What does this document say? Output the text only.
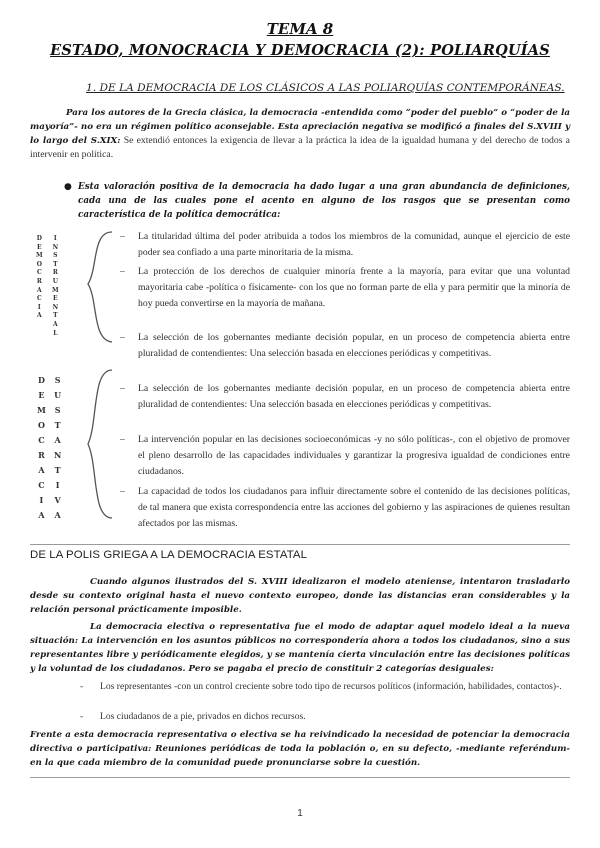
TEMA 8
ESTADO, MONOCRACIA Y DEMOCRACIA (2): POLIARQUÍAS
1. DE LA DEMOCRACIA DE LOS CLÁSICOS A LAS POLIARQUÍAS CONTEMPORÁNEAS.
Para los autores de la Grecia clásica, la democracia -entendida como “poder del pueblo” o “poder de la mayoría”- no era un régimen político aconsejable. Esta apreciación negativa se modificó a finales del S.XVIII y lo largo del S.XIX: Se extendió entonces la exigencia de llevar a la práctica la idea de la igualdad humana y del derecho de todos a intervenir en política.
● Esta valoración positiva de la democracia ha dado lugar a una gran abundancia de definiciones, cada una de las cuales pone el acento en alguno de los rasgos que se presentan como característica de la política democrática:
D
E
M
O
C
R
A
C
I
A
I
N
S
T
R
U
M
E
N
T
A
L
D
E
M
O
C
R
A
C
I
A
S
U
S
T
A
N
T
I
V
A
– La titularidad última del poder atribuida a todos los miembros de la comunidad, aunque el ejercicio de este poder sea confiado a una parte minoritaria de la misma.
– La protección de los derechos de cualquier minoría frente a la mayoría, para evitar que una voluntad mayoritaria cabe -política o físicamente- con los que no forman parte de ella y para permitir que la minoría de hoy pueda convertirse en la mayoría de mañana.
– La selección de los gobernantes mediante decisión popular, en un proceso de competencia abierta entre pluralidad de contendientes: Una selección basada en elecciones periódicas y competitivas.
– La selección de los gobernantes mediante decisión popular, en un proceso de competencia abierta entre pluralidad de contendientes: Una selección basada en elecciones periódicas y competitivas.
– La intervención popular en las decisiones socioeconómicas -y no sólo políticas-, con el objetivo de promover el pleno desarrollo de las capacidades individuales y garantizar la progresiva igualdad de condiciones entre ciudadanos.
– La capacidad de todos los ciudadanos para influir directamente sobre el contenido de las decisiones políticas, de tal manera que exista correspondencia entre las acciones del gobierno y las aspiraciones de quienes resultan afectados por las mismas.
DE LA POLIS GRIEGA A LA DEMOCRACIA ESTATAL
Cuando algunos ilustrados del S. XVIII idealizaron el modelo ateniense, intentaron trasladarlo desde su contexto original hasta el nuevo contexto europeo, donde las distancias eran considerables y la relación personal prácticamente imposible.
La democracia electiva o representativa fue el modo de adaptar aquel modelo ideal a la nueva situación: La intervención en los asuntos públicos no correspondería ahora a todos los ciudadanos, sino a sus representantes libre y periódicamente elegidos, y se mantenía cierta vinculación entre las decisiones políticas y la voluntad de los ciudadanos. Pero se pagaba el precio de constituir 2 categorías desiguales:
- Los representantes -con un control creciente sobre todo tipo de recursos políticos (información, habilidades, contactos)-.
- Los ciudadanos de a pie, privados en dichos recursos.
Frente a esta democracia representativa o electiva se ha reivindicado la necesidad de potenciar la democracia directiva o participativa: Reuniones periódicas de toda la población o, en su defecto, -mediante referéndum- en la que cada miembro de la comunidad puede pronunciarse sobre la cuestión.
1
